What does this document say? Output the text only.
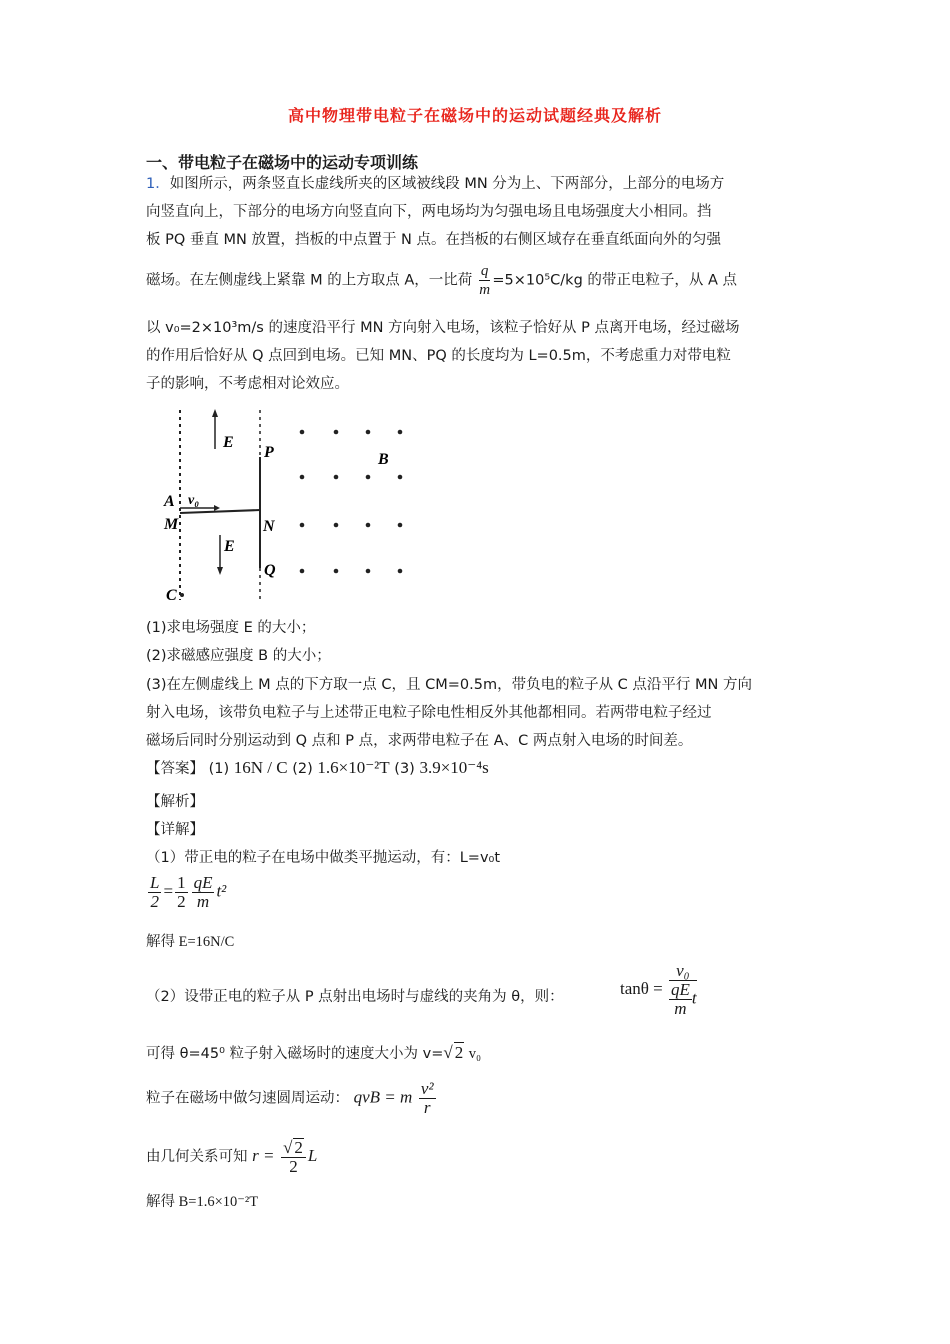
高中物理带电粒子在磁场中的运动试题经典及解析
一、带电粒子在磁场中的运动专项训练
1．如图所示，两条竖直长虚线所夹的区域被线段 MN 分为上、下两部分，上部分的电场方
向竖直向上，下部分的电场方向竖直向下，两电场均为匀强电场且电场强度大小相同。挡
板 PQ 垂直 MN 放置，挡板的中点置于 N 点。在挡板的右侧区域存在垂直纸面向外的匀强
磁场。在左侧虚线上紧靠 M 的上方取点 A，一比荷 $\frac{q}{m} =5\times 10^5C/kg$ 的带正电粒子，从 A 点
以 v₀=2×10³m/s 的速度沿平行 MN 方向射入电场，该粒子恰好从 P 点离开电场，经过磁场
的作用后恰好从 Q 点回到电场。已知 MN、PQ 的长度均为 L=0.5m，不考虑重力对带电粒
子的影响，不考虑相对论效应。
E
P	B
A v₀
M	N
E
Q
C
(1)求电场强度 E 的大小；
(2)求磁感应强度 B 的大小；
(3)在左侧虚线上 M 点的下方取一点 C，且 CM=0.5m，带负电的粒子从 C 点沿平行 MN 方向
射入电场，该带负电粒子与上述带正电粒子除电性相反外其他都相同。若两带电粒子经过
磁场后同时分别运动到 Q 点和 P 点，求两带电粒子在 A、C 两点射入电场的时间差。
【答案】 (1) 16N / C (2) 1.6×10⁻²T (3) 3.9×10⁻⁴s
【解析】
【详解】
（1）带正电的粒子在电场中做类平抛运动，有：L=v₀t
$\frac{L}{2} = \frac{1}{2} \frac{qE}{m} t^2$
解得 E=16N/C
（2）设带正电的粒子从 P 点射出电场时与虚线的夹角为 θ，则：	$\tan\theta = \frac{\text{v₀}}{\frac{qE}{m} t}$
可得 θ=45⁰ 粒子射入磁场时的速度大小为 v=√ 2 v₀
粒子在磁场中做匀速圆周运动： qvB = m $\frac{\text{v²}}{r}$
由几何关系可知 $r = \frac{√ 2}{2}$ L
解得 B=1.6×10⁻²T
